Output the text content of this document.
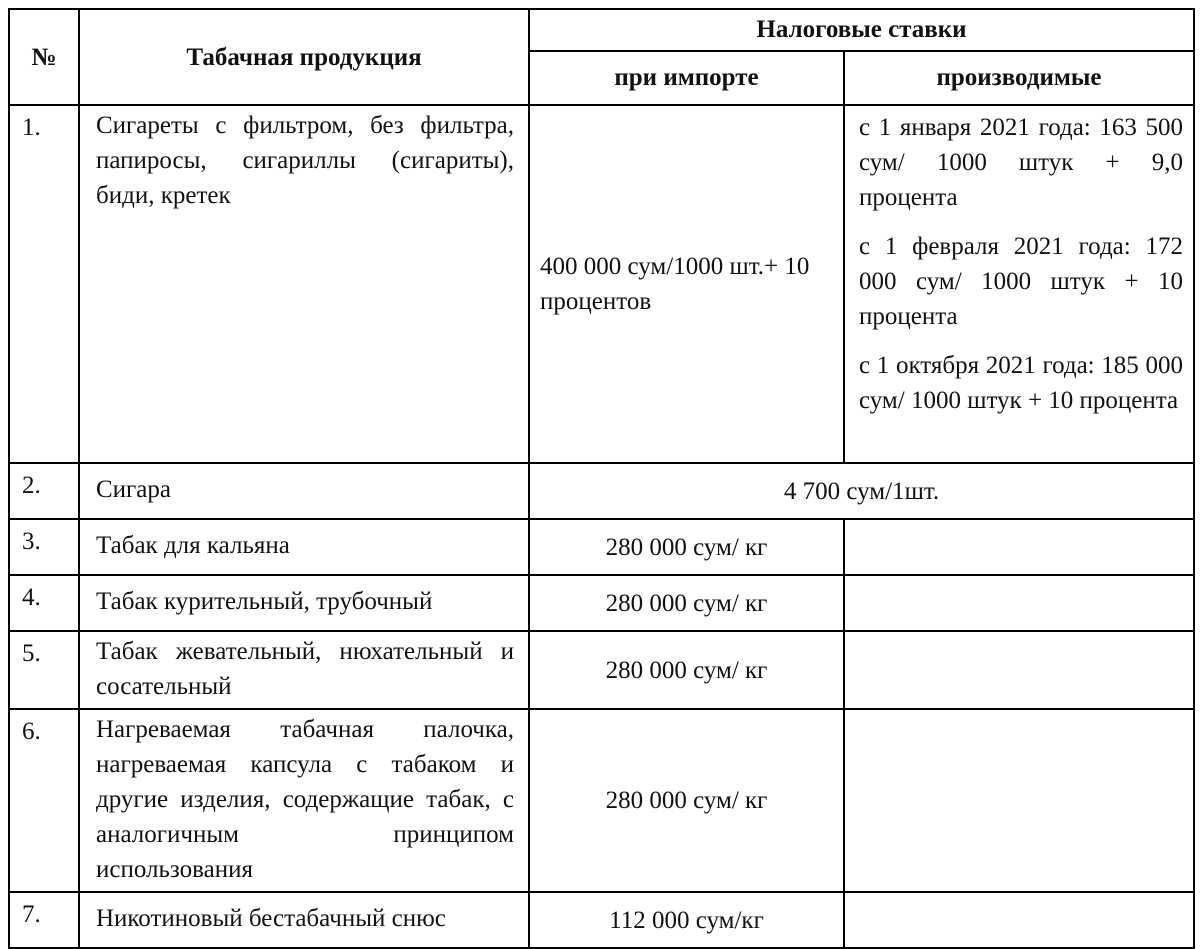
№	Табачная продукция	Налоговые ставки	
		при импорте	производимые
1.	Сигареты с фильтром, без фильтра, папиросы, сигариллы (сигариты), биди, кретек	400 000 сум/1000 шт.+ 10 процентов	с 1 января 2021 года: 163 500 сум/ 1000 штук + 9,0 процента

с 1 февраля 2021 года: 172 000 сум/ 1000 штук + 10 процента

с 1 октября 2021 года: 185 000 сум/ 1000 штук + 10 процента

2.	Сигара	4 700 сум/1шт.	
3.	Табак для кальяна	280 000 сум/ кг	
4.	Табак курительный, трубочный	280 000 сум/ кг	
5.	Табак жевательный, нюхательный и сосательный	280 000 сум/ кг	
6.	Нагреваемая табачная палочка, нагреваемая капсула с табаком и другие изделия, содержащие табак, с аналогичным принципом использования	280 000 сум/ кг	
7.	Никотиновый бестабачный снюс	112 000 сум/кг	
